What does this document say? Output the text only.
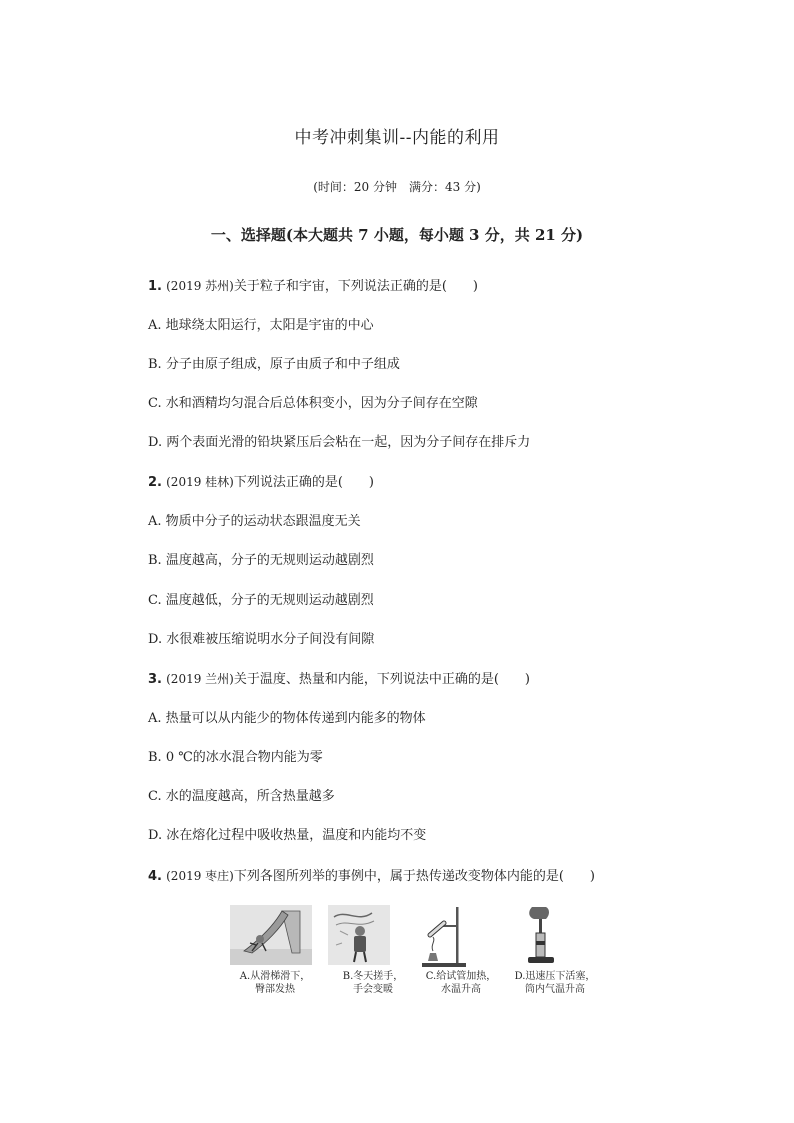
中考冲刺集训--内能的利用
(时间：20 分钟　满分：43 分)
一、选择题(本大题共 7 小题，每小题 3 分，共 21 分)
1. (2019 苏州)关于粒子和宇宙，下列说法正确的是(　　)
A. 地球绕太阳运行，太阳是宇宙的中心
B. 分子由原子组成，原子由质子和中子组成
C. 水和酒精均匀混合后总体积变小，因为分子间存在空隙
D. 两个表面光滑的铅块紧压后会粘在一起，因为分子间存在排斥力
2. (2019 桂林)下列说法正确的是(　　)
A. 物质中分子的运动状态跟温度无关
B. 温度越高，分子的无规则运动越剧烈
C. 温度越低，分子的无规则运动越剧烈
D. 水很难被压缩说明水分子间没有间隙
3. (2019 兰州)关于温度、热量和内能，下列说法中正确的是(　　)
A. 热量可以从内能少的物体传递到内能多的物体
B. 0 ℃的冰水混合物内能为零
C. 水的温度越高，所含热量越多
D. 冰在熔化过程中吸收热量，温度和内能均不变
4. (2019 枣庄)下列各图所列举的事例中，属于热传递改变物体内能的是(　　)
A.从滑梯滑下，
臀部发热
B.冬天搓手，
手会变暖
C.给试管加热，
水温升高
D.迅速压下活塞，
筒内气温升高
